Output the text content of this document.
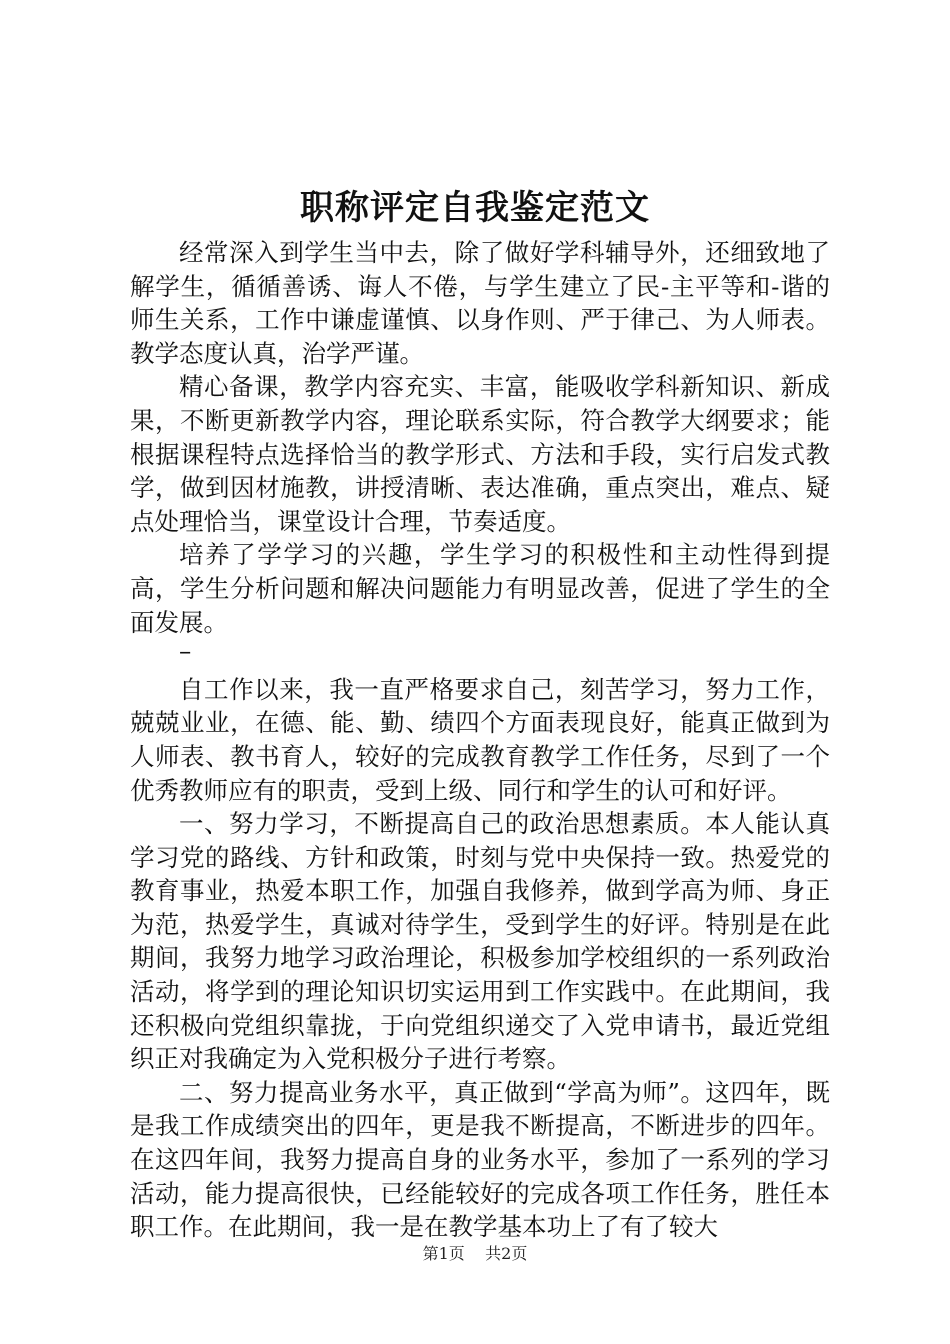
职称评定自我鉴定范文

经常深入到学生当中去，除了做好学科辅导外，还细致地了解学生，循循善诱、诲人不倦，与学生建立了民-主平等和-谐的师生关系，工作中谦虚谨慎、以身作则、严于律己、为人师表。教学态度认真，治学严谨。

精心备课，教学内容充实、丰富，能吸收学科新知识、新成果，不断更新教学内容，理论联系实际，符合教学大纲要求；能根据课程特点选择恰当的教学形式、方法和手段，实行启发式教学，做到因材施教，讲授清晰、表达准确，重点突出，难点、疑点处理恰当，课堂设计合理，节奏适度。

培养了学学习的兴趣，学生学习的积极性和主动性得到提高，学生分析问题和解决问题能力有明显改善，促进了学生的全面发展。

–

自工作以来，我一直严格要求自己，刻苦学习，努力工作，兢兢业业，在德、能、勤、绩四个方面表现良好，能真正做到为人师表、教书育人，较好的完成教育教学工作任务，尽到了一个优秀教师应有的职责，受到上级、同行和学生的认可和好评。

一、努力学习，不断提高自己的政治思想素质。本人能认真学习党的路线、方针和政策，时刻与党中央保持一致。热爱党的教育事业，热爱本职工作，加强自我修养，做到学高为师、身正为范，热爱学生，真诚对待学生，受到学生的好评。特别是在此期间，我努力地学习政治理论，积极参加学校组织的一系列政治活动，将学到的理论知识切实运用到工作实践中。在此期间，我还积极向党组织靠拢，于向党组织递交了入党申请书，最近党组织正对我确定为入党积极分子进行考察。

二、努力提高业务水平，真正做到“学高为师”。这四年，既是我工作成绩突出的四年，更是我不断提高，不断进步的四年。在这四年间，我努力提高自身的业务水平，参加了一系列的学习活动，能力提高很快，已经能较好的完成各项工作任务，胜任本职工作。在此期间，我一是在教学基本功上了有了较大

第1页 共2页
